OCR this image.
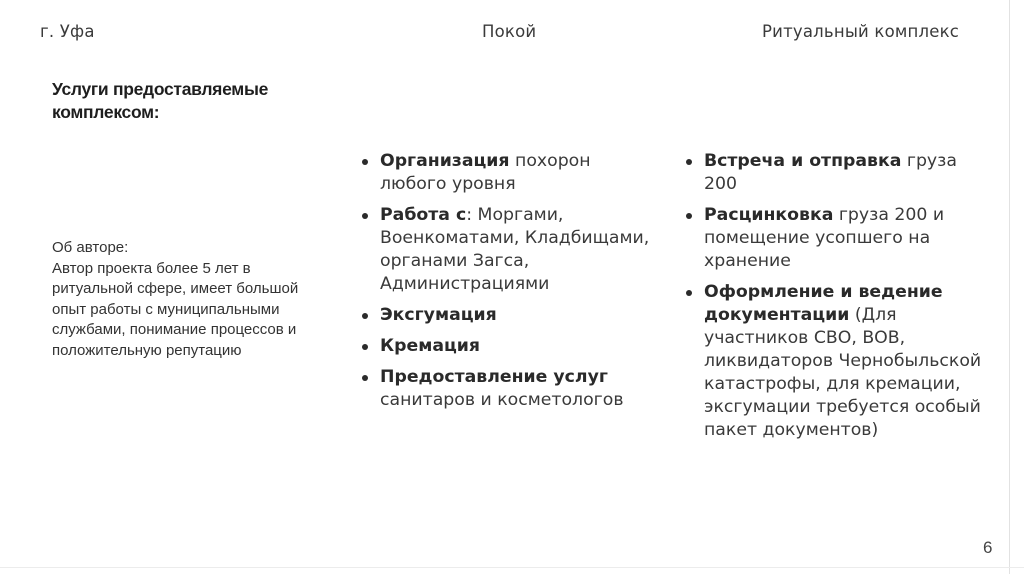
г. Уфа	Покой	Ритуальный комплекс
Услуги предоставляемые комплексом:
Об авторе:
Автор проекта более 5 лет в ритуальной сфере, имеет большой опыт работы с муниципальными службами, понимание процессов и положительную репутацию
Организация похорон любого уровня
Работа с: Моргами, Военкоматами, Кладбищами, органами Загса, Администрациями
Эксгумация
Кремация
Предоставление услуг санитаров и косметологов
Встреча и отправка груза 200
Расцинковка груза 200 и помещение усопшего на хранение
Оформление и ведение документации (Для участников СВО, ВОВ, ликвидаторов Чернобыльской катастрофы, для кремации, эксгумации требуется особый пакет документов)
6
